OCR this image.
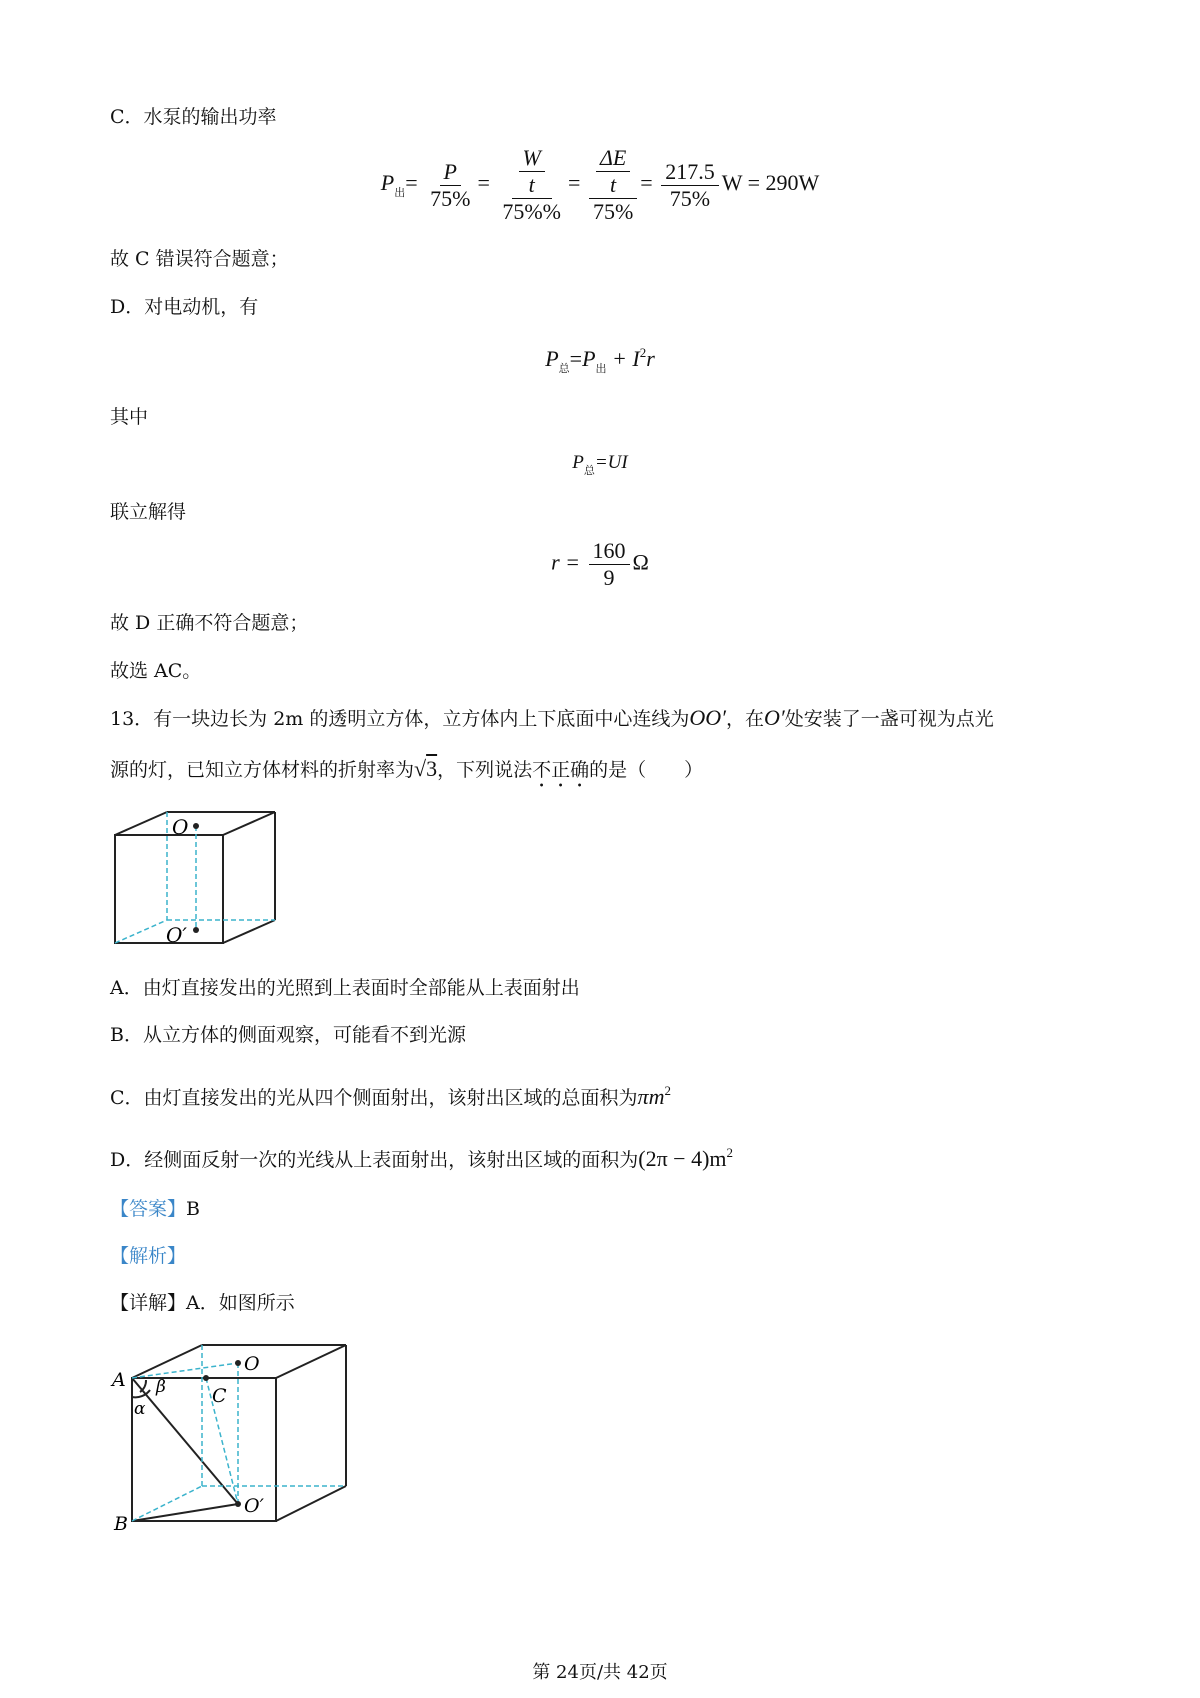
C．水泵的输出功率
$P_出= \frac{P}{75\%} = \frac{\frac{W}{t}}{75\%\%} = \frac{\frac{\Delta E}{t}}{75\%} = \frac{217.5}{75\%}$ W = 290W
故 C 错误符合题意；
D．对电动机，有
$P_总=P_出 + I^2r$
其中
$P_总=UI$
联立解得
$r = \frac{160}{9}$ Ω
故 D 正确不符合题意；
故选 AC。
13．有一块边长为 2m 的透明立方体，立方体内上下底面中心连线为OO′，在O′处安装了一盏可视为点光
源的灯，已知立方体材料的折射率为√3，下列说法不正确的是（　　）
O
O′
A．由灯直接发出的光照到上表面时全部能从上表面射出
B．从立方体的侧面观察，可能看不到光源
C．由灯直接发出的光从四个侧面射出，该射出区域的总面积为$\pi m^2$
D．经侧面反射一次的光线从上表面射出，该射出区域的面积为$(2\pi - 4)m^2$
【答案】B
【解析】
【详解】A．如图所示
A
B
C
O
O′
α
β
第 24页/共 42页
